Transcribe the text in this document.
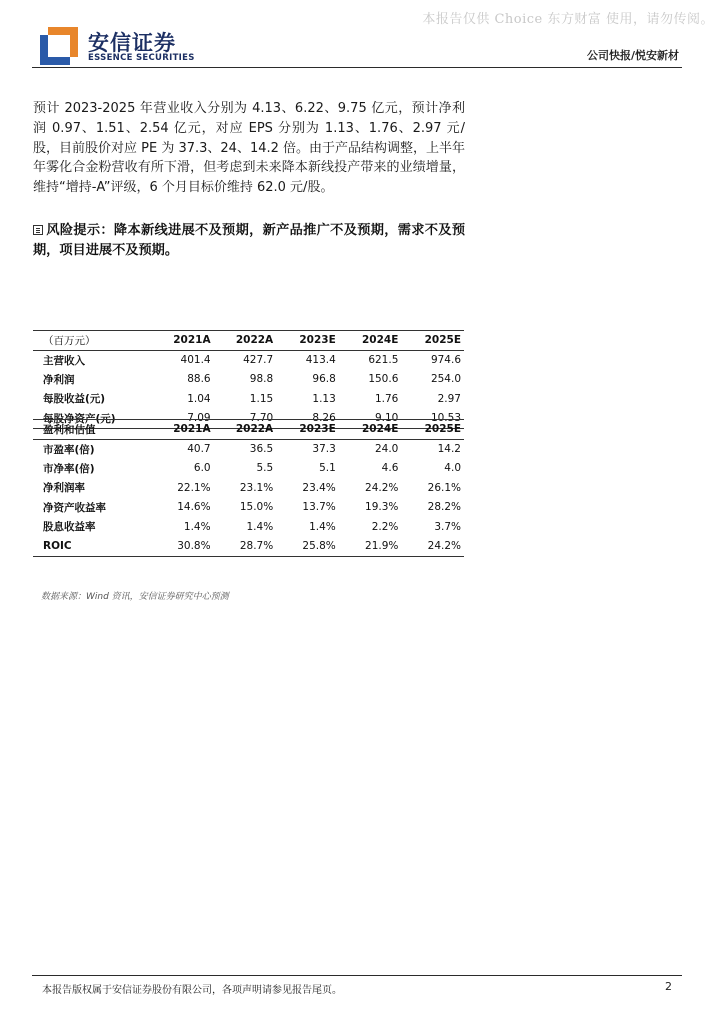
本报告仅供 Choice 东方财富 使用，请勿传阅。
安信证券
ESSENCE SECURITIES	公司快报/悦安新材

预计 2023-2025 年营业收入分别为 4.13、6.22、9.75 亿元，预计净利润 0.97、1.51、2.54 亿元，对应 EPS 分别为 1.13、1.76、2.97 元/股，目前股价对应 PE 为 37.3、24、14.2 倍。由于产品结构调整，上半年年雾化合金粉营收有所下滑，但考虑到未来降本新线投产带来的业绩增量，维持“增持-A”评级，6 个月目标价维持 62.0 元/股。

风险提示：降本新线进展不及预期，新产品推广不及预期，需求不及预期，项目进展不及预期。
（百万元）	2021A	2022A	2023E	2024E	2025E
主营收入	401.4	427.7	413.4	621.5	974.6
净利润	88.6	98.8	96.8	150.6	254.0
每股收益(元)	1.04	1.15	1.13	1.76	2.97
每股净资产(元)	7.09	7.70	8.26	9.10	10.53
盈利和估值	2021A	2022A	2023E	2024E	2025E
市盈率(倍)	40.7	36.5	37.3	24.0	14.2
市净率(倍)	6.0	5.5	5.1	4.6	4.0
净利润率	22.1%	23.1%	23.4%	24.2%	26.1%
净资产收益率	14.6%	15.0%	13.7%	19.3%	28.2%
股息收益率	1.4%	1.4%	1.4%	2.2%	3.7%
ROIC	30.8%	28.7%	25.8%	21.9%	24.2%
数据来源：Wind 资讯，安信证券研究中心预测
本报告版权属于安信证券股份有限公司，各项声明请参见报告尾页。	2
